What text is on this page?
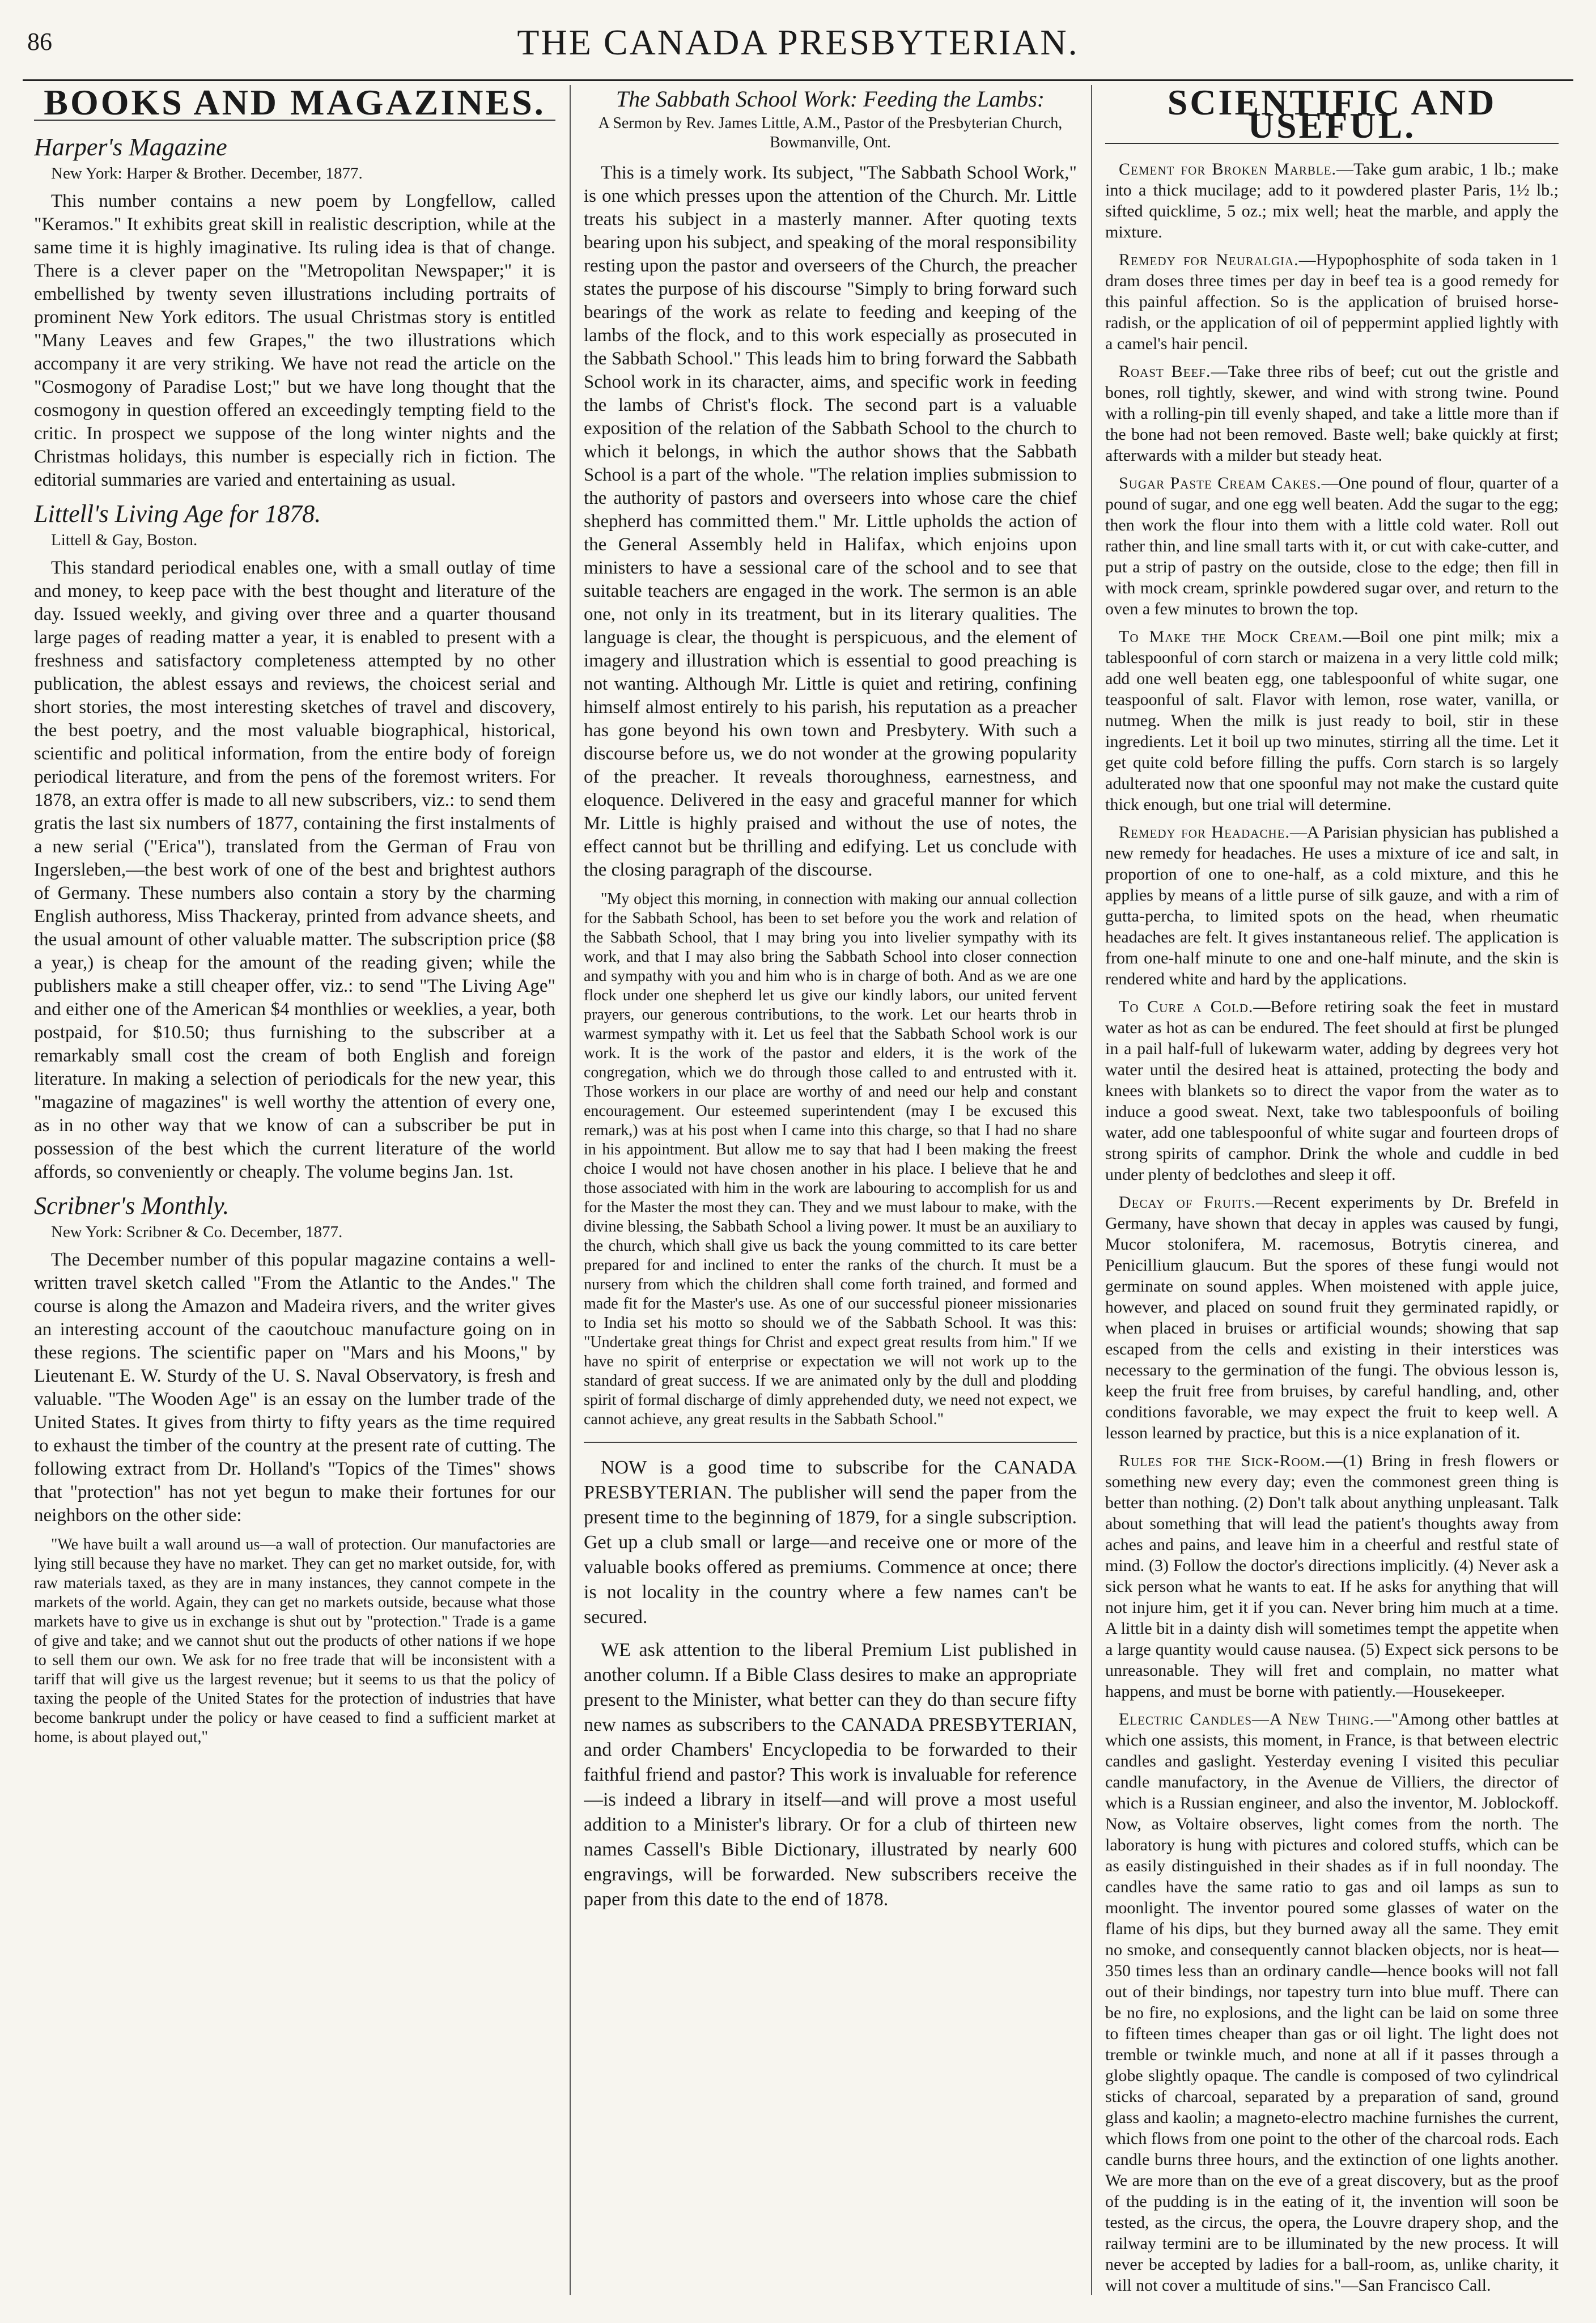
86	THE CANADA PRESBYTERIAN.
BOOKS AND MAGAZINES.
Harper's Magazine
New York: Harper & Brother. December, 1877.

This number contains a new poem by Longfellow, called "Keramos." It exhibits great skill in realistic description, while at the same time it is highly imaginative. Its ruling idea is that of change. There is a clever paper on the "Metropolitan Newspaper;" it is embellished by twenty seven illustrations including portraits of prominent New York editors. The usual Christmas story is entitled "Many Leaves and few Grapes," the two illustrations which accompany it are very striking. We have not read the article on the "Cosmogony of Paradise Lost;" but we have long thought that the cosmogony in question offered an exceedingly tempting field to the critic. In prospect we suppose of the long winter nights and the Christmas holidays, this number is especially rich in fiction. The editorial summaries are varied and entertaining as usual.

Littell's Living Age for 1878.
Littell & Gay, Boston.

This standard periodical enables one, with a small outlay of time and money, to keep pace with the best thought and literature of the day. Issued weekly, and giving over three and a quarter thousand large pages of reading matter a year, it is enabled to present with a freshness and satisfactory completeness attempted by no other publication, the ablest essays and reviews, the choicest serial and short stories, the most interesting sketches of travel and discovery, the best poetry, and the most valuable biographical, historical, scientific and political information, from the entire body of foreign periodical literature, and from the pens of the foremost writers. For 1878, an extra offer is made to all new subscribers, viz.: to send them gratis the last six numbers of 1877, containing the first instalments of a new serial ("Erica"), translated from the German of Frau von Ingersleben,—the best work of one of the best and brightest authors of Germany. These numbers also contain a story by the charming English authoress, Miss Thackeray, printed from advance sheets, and the usual amount of other valuable matter. The subscription price ($8 a year,) is cheap for the amount of the reading given; while the publishers make a still cheaper offer, viz.: to send "The Living Age" and either one of the American $4 monthlies or weeklies, a year, both postpaid, for $10.50; thus furnishing to the subscriber at a remarkably small cost the cream of both English and foreign literature. In making a selection of periodicals for the new year, this "magazine of magazines" is well worthy the attention of every one, as in no other way that we know of can a subscriber be put in possession of the best which the current literature of the world affords, so conveniently or cheaply. The volume begins Jan. 1st.

Scribner's Monthly.
New York: Scribner & Co. December, 1877.

The December number of this popular magazine contains a well-written travel sketch called "From the Atlantic to the Andes." The course is along the Amazon and Madeira rivers, and the writer gives an interesting account of the caoutchouc manufacture going on in these regions. The scientific paper on "Mars and his Moons," by Lieutenant E. W. Sturdy of the U. S. Naval Observatory, is fresh and valuable. "The Wooden Age" is an essay on the lumber trade of the United States. It gives from thirty to fifty years as the time required to exhaust the timber of the country at the present rate of cutting. The following extract from Dr. Holland's "Topics of the Times" shows that "protection" has not yet begun to make their fortunes for our neighbors on the other side:

"We have built a wall around us—a wall of protection. Our manufactories are lying still because they have no market. They can get no market outside, for, with raw materials taxed, as they are in many instances, they cannot compete in the markets of the world. Again, they can get no markets outside, because what those markets have to give us in exchange is shut out by "protection." Trade is a game of give and take; and we cannot shut out the products of other nations if we hope to sell them our own. We ask for no free trade that will be inconsistent with a tariff that will give us the largest revenue; but it seems to us that the policy of taxing the people of the United States for the protection of industries that have become bankrupt under the policy or have ceased to find a sufficient market at home, is about played out,"

The Sabbath School Work: Feeding the Lambs:
A Sermon by Rev. James Little, A.M., Pastor of the Presbyterian Church, Bowmanville, Ont.

This is a timely work. Its subject, "The Sabbath School Work," is one which presses upon the attention of the Church. Mr. Little treats his subject in a masterly manner. After quoting texts bearing upon his subject, and speaking of the moral responsibility resting upon the pastor and overseers of the Church, the preacher states the purpose of his discourse "Simply to bring forward such bearings of the work as relate to feeding and keeping of the lambs of the flock, and to this work especially as prosecuted in the Sabbath School." This leads him to bring forward the Sabbath School work in its character, aims, and specific work in feeding the lambs of Christ's flock. The second part is a valuable exposition of the relation of the Sabbath School to the church to which it belongs, in which the author shows that the Sabbath School is a part of the whole. "The relation implies submission to the authority of pastors and overseers into whose care the chief shepherd has committed them." Mr. Little upholds the action of the General Assembly held in Halifax, which enjoins upon ministers to have a sessional care of the school and to see that suitable teachers are engaged in the work. The sermon is an able one, not only in its treatment, but in its literary qualities. The language is clear, the thought is perspicuous, and the element of imagery and illustration which is essential to good preaching is not wanting. Although Mr. Little is quiet and retiring, confining himself almost entirely to his parish, his reputation as a preacher has gone beyond his own town and Presbytery. With such a discourse before us, we do not wonder at the growing popularity of the preacher. It reveals thoroughness, earnestness, and eloquence. Delivered in the easy and graceful manner for which Mr. Little is highly praised and without the use of notes, the effect cannot but be thrilling and edifying. Let us conclude with the closing paragraph of the discourse.

"My object this morning, in connection with making our annual collection for the Sabbath School, has been to set before you the work and relation of the Sabbath School, that I may bring you into livelier sympathy with its work, and that I may also bring the Sabbath School into closer connection and sympathy with you and him who is in charge of both. And as we are one flock under one shepherd let us give our kindly labors, our united fervent prayers, our generous contributions, to the work. Let our hearts throb in warmest sympathy with it. Let us feel that the Sabbath School work is our work. It is the work of the pastor and elders, it is the work of the congregation, which we do through those called to and entrusted with it. Those workers in our place are worthy of and need our help and constant encouragement. Our esteemed superintendent (may I be excused this remark,) was at his post when I came into this charge, so that I had no share in his appointment. But allow me to say that had I been making the freest choice I would not have chosen another in his place. I believe that he and those associated with him in the work are labouring to accomplish for us and for the Master the most they can. They and we must labour to make, with the divine blessing, the Sabbath School a living power. It must be an auxiliary to the church, which shall give us back the young committed to its care better prepared for and inclined to enter the ranks of the church. It must be a nursery from which the children shall come forth trained, and formed and made fit for the Master's use. As one of our successful pioneer missionaries to India set his motto so should we of the Sabbath School. It was this: "Undertake great things for Christ and expect great results from him." If we have no spirit of enterprise or expectation we will not work up to the standard of great success. If we are animated only by the dull and plodding spirit of formal discharge of dimly apprehended duty, we need not expect, we cannot achieve, any great results in the Sabbath School."

NOW is a good time to subscribe for the CANADA PRESBYTERIAN. The publisher will send the paper from the present time to the beginning of 1879, for a single subscription. Get up a club small or large—and receive one or more of the valuable books offered as premiums. Commence at once; there is not locality in the country where a few names can't be secured.

WE ask attention to the liberal Premium List published in another column. If a Bible Class desires to make an appropriate present to the Minister, what better can they do than secure fifty new names as subscribers to the CANADA PRESBYTERIAN, and order Chambers' Encyclopedia to be forwarded to their faithful friend and pastor? This work is invaluable for reference—is indeed a library in itself—and will prove a most useful addition to a Minister's library. Or for a club of thirteen new names Cassell's Bible Dictionary, illustrated by nearly 600 engravings, will be forwarded. New subscribers receive the paper from this date to the end of 1878.

SCIENTIFIC AND USEFUL.

Cement for Broken Marble.—Take gum arabic, 1 lb.; make into a thick mucilage; add to it powdered plaster Paris, 1½ lb.; sifted quicklime, 5 oz.; mix well; heat the marble, and apply the mixture.

Remedy for Neuralgia.—Hypophosphite of soda taken in 1 dram doses three times per day in beef tea is a good remedy for this painful affection. So is the application of bruised horse-radish, or the application of oil of peppermint applied lightly with a camel's hair pencil.

Roast Beef.—Take three ribs of beef; cut out the gristle and bones, roll tightly, skewer, and wind with strong twine. Pound with a rolling-pin till evenly shaped, and take a little more than if the bone had not been removed. Baste well; bake quickly at first; afterwards with a milder but steady heat.

Sugar Paste Cream Cakes.—One pound of flour, quarter of a pound of sugar, and one egg well beaten. Add the sugar to the egg; then work the flour into them with a little cold water. Roll out rather thin, and line small tarts with it, or cut with cake-cutter, and put a strip of pastry on the outside, close to the edge; then fill in with mock cream, sprinkle powdered sugar over, and return to the oven a few minutes to brown the top.

To Make the Mock Cream.—Boil one pint milk; mix a tablespoonful of corn starch or maizena in a very little cold milk; add one well beaten egg, one tablespoonful of white sugar, one teaspoonful of salt. Flavor with lemon, rose water, vanilla, or nutmeg. When the milk is just ready to boil, stir in these ingredients. Let it boil up two minutes, stirring all the time. Let it get quite cold before filling the puffs. Corn starch is so largely adulterated now that one spoonful may not make the custard quite thick enough, but one trial will determine.

Remedy for Headache.—A Parisian physician has published a new remedy for headaches. He uses a mixture of ice and salt, in proportion of one to one-half, as a cold mixture, and this he applies by means of a little purse of silk gauze, and with a rim of gutta-percha, to limited spots on the head, when rheumatic headaches are felt. It gives instantaneous relief. The application is from one-half minute to one and one-half minute, and the skin is rendered white and hard by the applications.

To Cure a Cold.—Before retiring soak the feet in mustard water as hot as can be endured. The feet should at first be plunged in a pail half-full of lukewarm water, adding by degrees very hot water until the desired heat is attained, protecting the body and knees with blankets so to direct the vapor from the water as to induce a good sweat. Next, take two tablespoonfuls of boiling water, add one tablespoonful of white sugar and fourteen drops of strong spirits of camphor. Drink the whole and cuddle in bed under plenty of bedclothes and sleep it off.

Decay of Fruits.—Recent experiments by Dr. Brefeld in Germany, have shown that decay in apples was caused by fungi, Mucor stolonifera, M. racemosus, Botrytis cinerea, and Penicillium glaucum. But the spores of these fungi would not germinate on sound apples. When moistened with apple juice, however, and placed on sound fruit they germinated rapidly, or when placed in bruises or artificial wounds; showing that sap escaped from the cells and existing in their interstices was necessary to the germination of the fungi. The obvious lesson is, keep the fruit free from bruises, by careful handling, and, other conditions favorable, we may expect the fruit to keep well. A lesson learned by practice, but this is a nice explanation of it.

Rules for the Sick-Room.—(1) Bring in fresh flowers or something new every day; even the commonest green thing is better than nothing. (2) Don't talk about anything unpleasant. Talk about something that will lead the patient's thoughts away from aches and pains, and leave him in a cheerful and restful state of mind. (3) Follow the doctor's directions implicitly. (4) Never ask a sick person what he wants to eat. If he asks for anything that will not injure him, get it if you can. Never bring him much at a time. A little bit in a dainty dish will sometimes tempt the appetite when a large quantity would cause nausea. (5) Expect sick persons to be unreasonable. They will fret and complain, no matter what happens, and must be borne with patiently.—Housekeeper.

Electric Candles—A New Thing.—"Among other battles at which one assists, this moment, in France, is that between electric candles and gaslight. Yesterday evening I visited this peculiar candle manufactory, in the Avenue de Villiers, the director of which is a Russian engineer, and also the inventor, M. Joblockoff. Now, as Voltaire observes, light comes from the north. The laboratory is hung with pictures and colored stuffs, which can be as easily distinguished in their shades as if in full noonday. The candles have the same ratio to gas and oil lamps as sun to moonlight. The inventor poured some glasses of water on the flame of his dips, but they burned away all the same. They emit no smoke, and consequently cannot blacken objects, nor is heat—350 times less than an ordinary candle—hence books will not fall out of their bindings, nor tapestry turn into blue muff. There can be no fire, no explosions, and the light can be laid on some three to fifteen times cheaper than gas or oil light. The light does not tremble or twinkle much, and none at all if it passes through a globe slightly opaque. The candle is composed of two cylindrical sticks of charcoal, separated by a preparation of sand, ground glass and kaolin; a magneto-electro machine furnishes the current, which flows from one point to the other of the charcoal rods. Each candle burns three hours, and the extinction of one lights another. We are more than on the eve of a great discovery, but as the proof of the pudding is in the eating of it, the invention will soon be tested, as the circus, the opera, the Louvre drapery shop, and the railway termini are to be illuminated by the new process. It will never be accepted by ladies for a ball-room, as, unlike charity, it will not cover a multitude of sins."—San Francisco Call.
